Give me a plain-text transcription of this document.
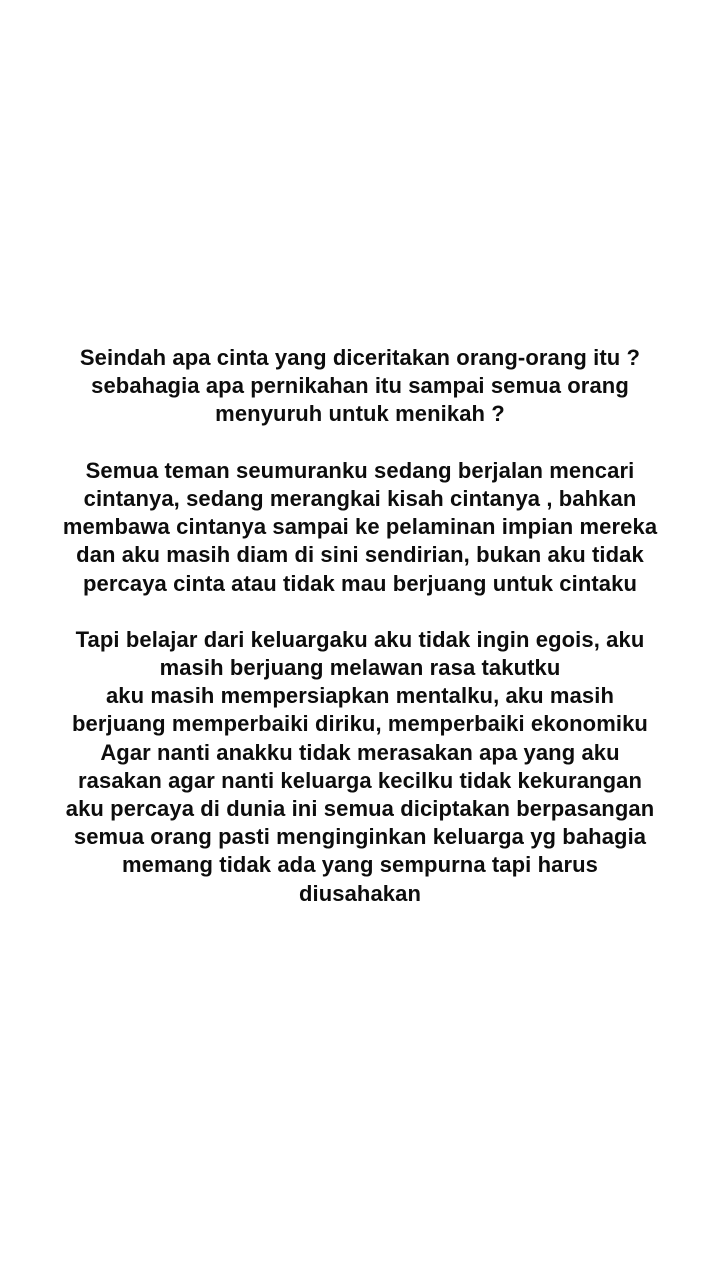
Seindah apa cinta yang diceritakan orang-orang itu ?
sebahagia apa pernikahan itu sampai semua orang
menyuruh untuk menikah ?
Semua teman seumuranku sedang berjalan mencari
cintanya, sedang merangkai kisah cintanya , bahkan
membawa cintanya sampai ke pelaminan impian mereka
dan aku masih diam di sini sendirian, bukan aku tidak
percaya cinta atau tidak mau berjuang untuk cintaku
Tapi belajar dari keluargaku aku tidak ingin egois, aku
masih berjuang melawan rasa takutku
aku masih mempersiapkan mentalku, aku masih
berjuang memperbaiki diriku, memperbaiki ekonomiku
Agar nanti anakku tidak merasakan apa yang aku
rasakan agar nanti keluarga kecilku tidak kekurangan
aku percaya di dunia ini semua diciptakan berpasangan
semua orang pasti menginginkan keluarga yg bahagia
memang tidak ada yang sempurna tapi harus
diusahakan
